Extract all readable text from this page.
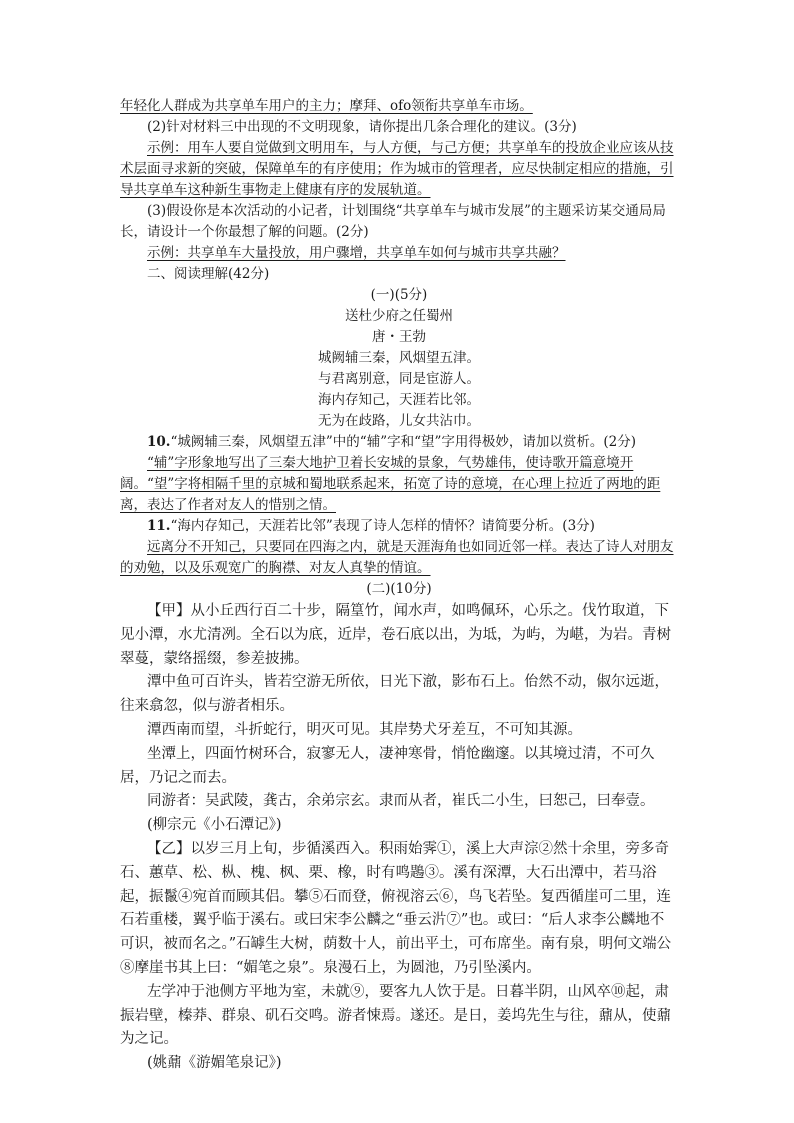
年轻化人群成为共享单车用户的主力；摩拜、ofo领衔共享单车市场。

(2)针对材料三中出现的不文明现象，请你提出几条合理化的建议。(3分)

示例：用车人要自觉做到文明用车，与人方便，与己方便；共享单车的投放企业应该从技术层面寻求新的突破，保障单车的有序使用；作为城市的管理者，应尽快制定相应的措施，引导共享单车这种新生事物走上健康有序的发展轨道。

(3)假设你是本次活动的小记者，计划围绕“共享单车与城市发展”的主题采访某交通局局长，请设计一个你最想了解的问题。(2分)

示例：共享单车大量投放，用户骤增，共享单车如何与城市共享共融？

二、阅读理解(42分)

(一)(5分)

送杜少府之任蜀州

唐・王勃

城阙辅三秦，风烟望五津。

与君离别意，同是宦游人。

海内存知己，天涯若比邻。

无为在歧路，儿女共沾巾。

10.“城阙辅三秦，风烟望五津”中的“辅”字和“望”字用得极妙，请加以赏析。(2分)

“辅”字形象地写出了三秦大地护卫着长安城的景象，气势雄伟，使诗歌开篇意境开阔。“望”字将相隔千里的京城和蜀地联系起来，拓宽了诗的意境，在心理上拉近了两地的距离，表达了作者对友人的惜别之情。

11.“海内存知己，天涯若比邻”表现了诗人怎样的情怀？请简要分析。(3分)

远离分不开知己，只要同在四海之内，就是天涯海角也如同近邻一样。表达了诗人对朋友的劝勉，以及乐观宽广的胸襟、对友人真挚的情谊。

(二)(10分)

【甲】从小丘西行百二十步，隔篁竹，闻水声，如鸣佩环，心乐之。伐竹取道，下见小潭，水尤清冽。全石以为底，近岸，卷石底以出，为坻，为屿，为嵁，为岩。青树翠蔓，蒙络摇缀，参差披拂。

潭中鱼可百许头，皆若空游无所依，日光下澈，影布石上。佁然不动，俶尔远逝，往来翕忽，似与游者相乐。

潭西南而望，斗折蛇行，明灭可见。其岸势犬牙差互，不可知其源。

坐潭上，四面竹树环合，寂寥无人，凄神寒骨，悄怆幽邃。以其境过清，不可久居，乃记之而去。

同游者：吴武陵，龚古，余弟宗玄。隶而从者，崔氏二小生，曰恕己，曰奉壹。

(柳宗元《小石潭记》)

【乙】以岁三月上旬，步循溪西入。积雨始霁①，溪上大声淙②然十余里，旁多奇石、蕙草、松、枞、槐、枫、栗、橡，时有鸣鶗③。溪有深潭，大石出潭中，若马浴起，振鬣④宛首而顾其侣。攀⑤石而登，俯视溶云⑥，鸟飞若坠。复西循崖可二里，连石若重楼，翼乎临于溪右。或曰宋李公麟之“垂云沜⑦”也。或曰：“后人求李公麟地不可识，被而名之。”石罅生大树，荫数十人，前出平土，可布席坐。南有泉，明何文端公⑧摩崖书其上曰：“媚笔之泉”。泉漫石上，为圆池，乃引坠溪内。

左学冲于池侧方平地为室，未就⑨，要客九人饮于是。日暮半阴，山风卒⑩起，肃振岩壁，榛莽、群泉、矶石交鸣。游者悚焉。遂还。是日，姜坞先生与往，鼐从，使鼐为之记。

(姚鼐《游媚笔泉记》)
